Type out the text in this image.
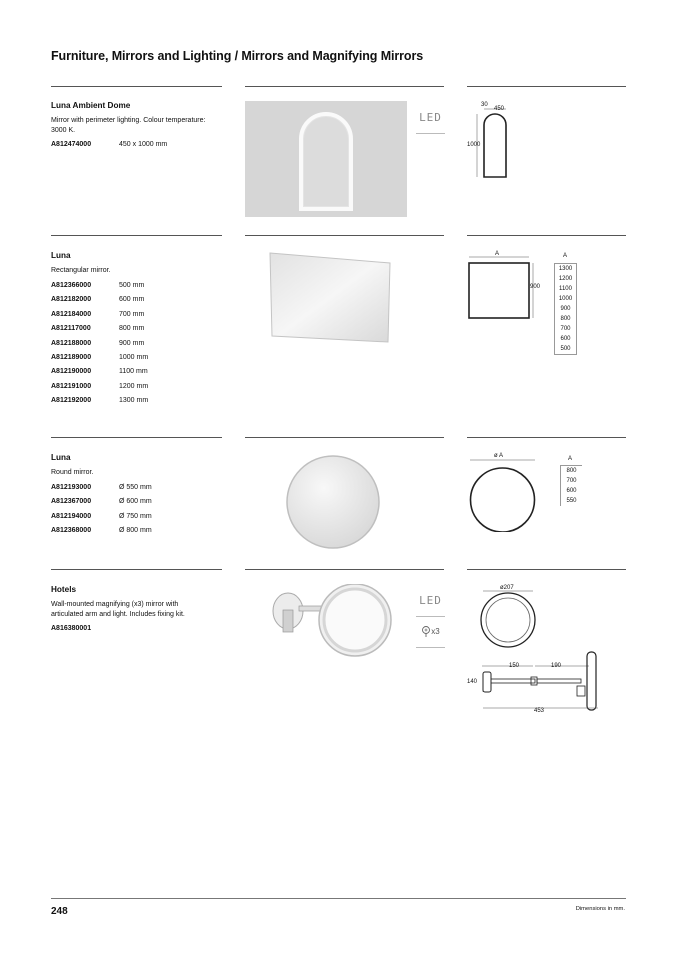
Furniture, Mirrors and Lighting / Mirrors and Magnifying Mirrors
Luna Ambient Dome
Mirror with perimeter lighting. Colour temperature: 3000 K.
A812474000	450 x 1000 mm
LED
30
450
1000
Luna
Rectangular mirror.
A812366000	500 mm
A812182000	600 mm
A812184000	700 mm
A812117000	800 mm
A812188000	900 mm
A812189000	1000 mm
A812190000	1100 mm
A812191000	1200 mm
A812192000	1300 mm
A
900
A
1300
1200
1100
1000
900
800
700
600
500
Luna
Round mirror.
A812193000	Ø 550 mm
A812367000	Ø 600 mm
A812194000	Ø 750 mm
A812368000	Ø 800 mm
ø A	A
800
700
600
550
Hotels
Wall-mounted magnifying (x3) mirror with articulated arm and light. Includes fixing kit.
A816380001
LED
x3
ø207
150	190
140
453
248	Dimensions in mm.
